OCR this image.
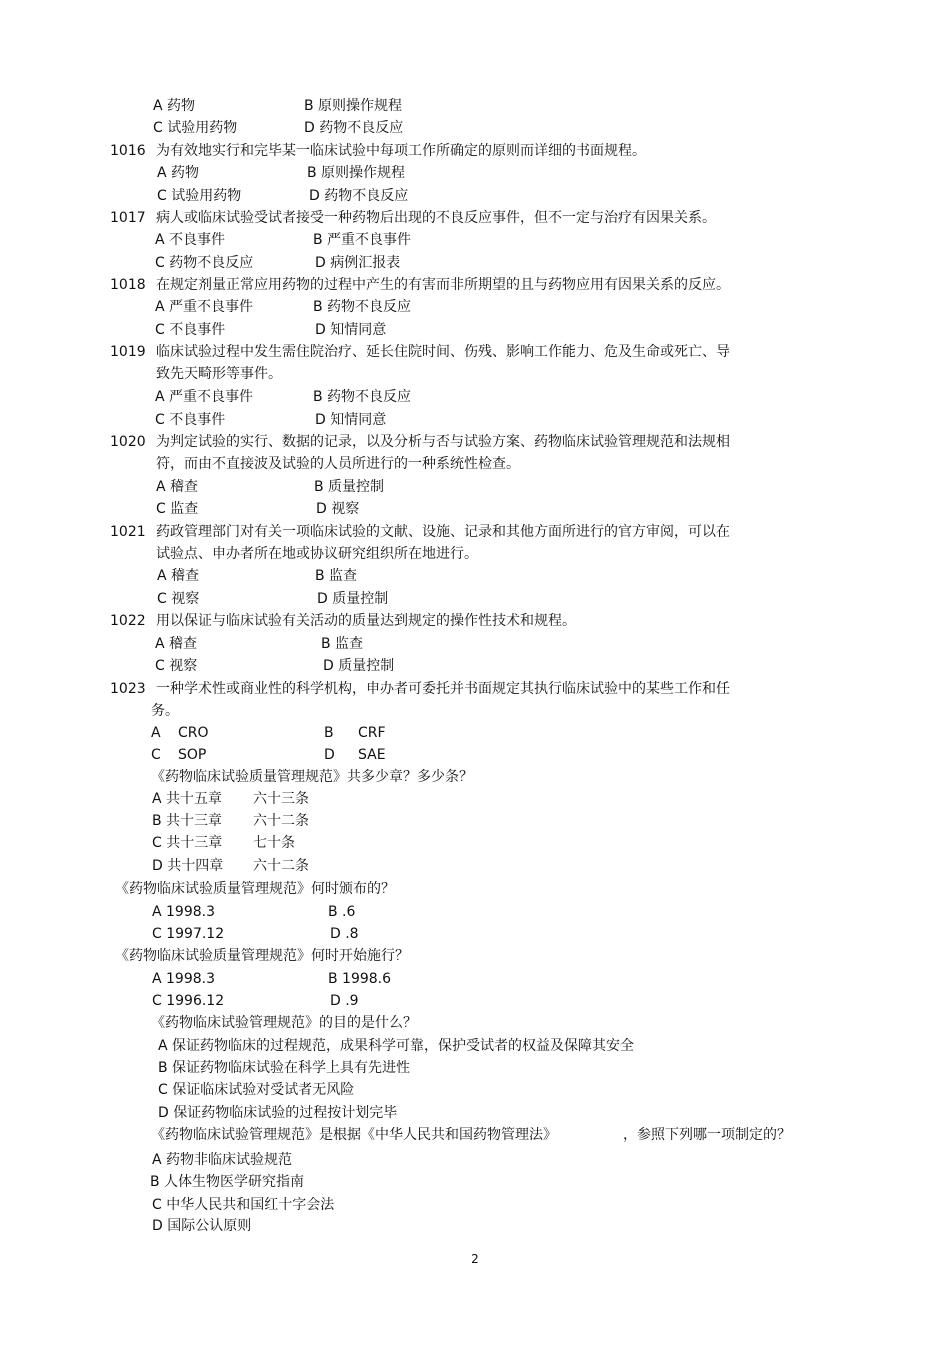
A 药物	B 原则操作规程
C 试验用药物	D 药物不良反应
1016 为有效地实行和完毕某一临床试验中每项工作所确定的原则而详细的书面规程。
A 药物	B 原则操作规程
C 试验用药物	D 药物不良反应
1017 病人或临床试验受试者接受一种药物后出现的不良反应事件，但不一定与治疗有因果关系。
A 不良事件	B 严重不良事件
C 药物不良反应	D 病例汇报表
1018 在规定剂量正常应用药物的过程中产生的有害而非所期望的且与药物应用有因果关系的反应。
A 严重不良事件	B 药物不良反应
C 不良事件	D 知情同意
1019 临床试验过程中发生需住院治疗、延长住院时间、伤残、影响工作能力、危及生命或死亡、导
致先天畸形等事件。
A 严重不良事件	B 药物不良反应
C 不良事件	D 知情同意
1020 为判定试验的实行、数据的记录，以及分析与否与试验方案、药物临床试验管理规范和法规相
符，而由不直接波及试验的人员所进行的一种系统性检查。
A 稽查	B 质量控制
C 监查	D 视察
1021 药政管理部门对有关一项临床试验的文献、设施、记录和其他方面所进行的官方审阅，可以在
试验点、申办者所在地或协议研究组织所在地进行。
A 稽查	B 监查
C 视察	D 质量控制
1022 用以保证与临床试验有关活动的质量达到规定的操作性技术和规程。
A 稽查	B 监查
C 视察	D 质量控制
1023 一种学术性或商业性的科学机构，申办者可委托并书面规定其执行临床试验中的某些工作和任
务。
A CRO	B CRF
C SOP	D SAE
《药物临床试验质量管理规范》共多少章？多少条？
A 共十五章 六十三条
B 共十三章 六十二条
C 共十三章 七十条
D 共十四章 六十二条
《药物临床试验质量管理规范》何时颁布的？
A 1998.3	B .6
C 1997.12	D .8
《药物临床试验质量管理规范》何时开始施行？
A 1998.3	B 1998.6
C 1996.12	D .9
《药物临床试验管理规范》的目的是什么？
A 保证药物临床的过程规范，成果科学可靠，保护受试者的权益及保障其安全
B 保证药物临床试验在科学上具有先进性
C 保证临床试验对受试者无风险
D 保证药物临床试验的过程按计划完毕
《药物临床试验管理规范》是根据《中华人民共和国药物管理法》	，参照下列哪一项制定的？
A 药物非临床试验规范
B 人体生物医学研究指南
C 中华人民共和国红十字会法
D 国际公认原则
2
